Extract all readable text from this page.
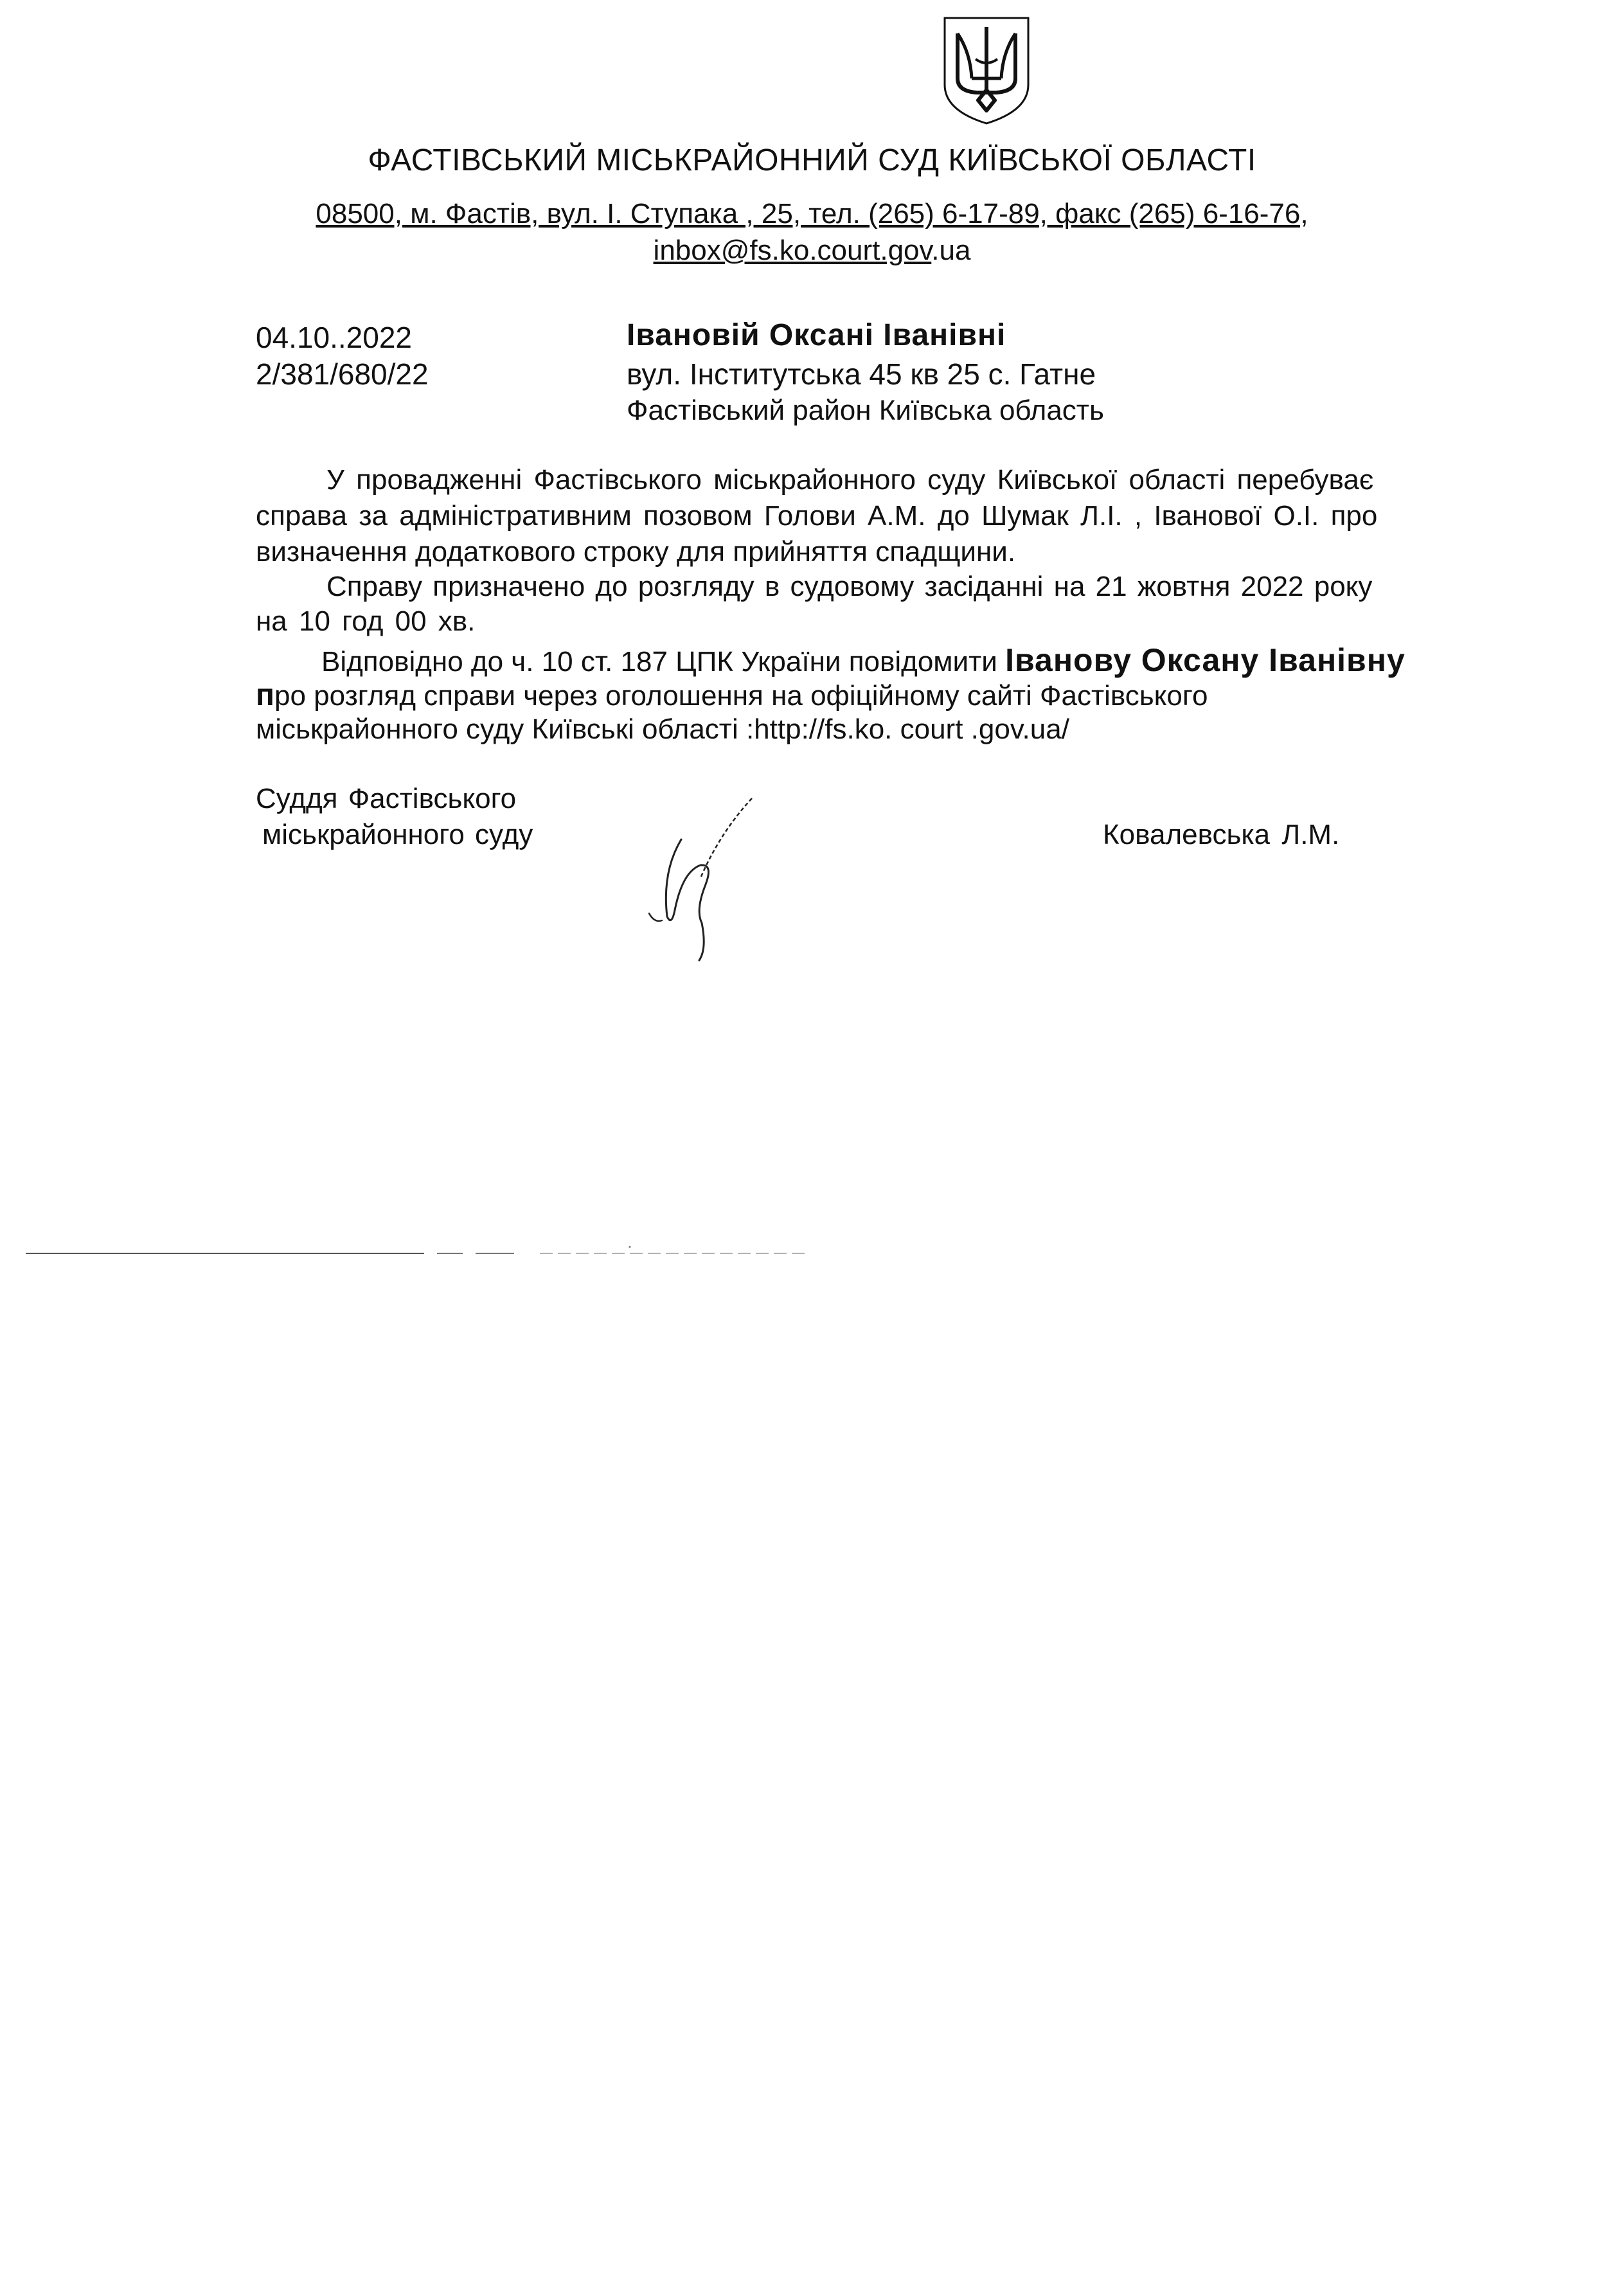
ФАСТІВСЬКИЙ МІСЬКРАЙОННИЙ СУД КИЇВСЬКОЇ ОБЛАСТІ
08500, м. Фастів, вул. І. Ступака , 25, тел. (265) 6-17-89, факс (265) 6-16-76,
inbox@fs.ko.court.gov.ua
04.10..2022
2/381/680/22
Івановій Оксані Іванівні
вул. Інститутська 45 кв 25 с. Гатне
Фастівський район Київська область
У провадженні Фастівського міськрайонного суду Київської області перебуває
справа за адміністративним позовом Голови А.М. до Шумак Л.І. , Іванової О.І. про
визначення додаткового строку для прийняття спадщини.
Справу призначено до розгляду в судовому засіданні на 21 жовтня 2022 року
на 10 год 00 хв.
Відповідно до ч. 10 ст. 187 ЦПК України повідомити Іванову Оксану Іванівну
про розгляд справи через оголошення на офіційному сайті Фастівського
міськрайонного суду Київські області :http://fs.ko. court .gov.ua/
Суддя Фастівського
міськрайонного суду	Ковалевська Л.М.
